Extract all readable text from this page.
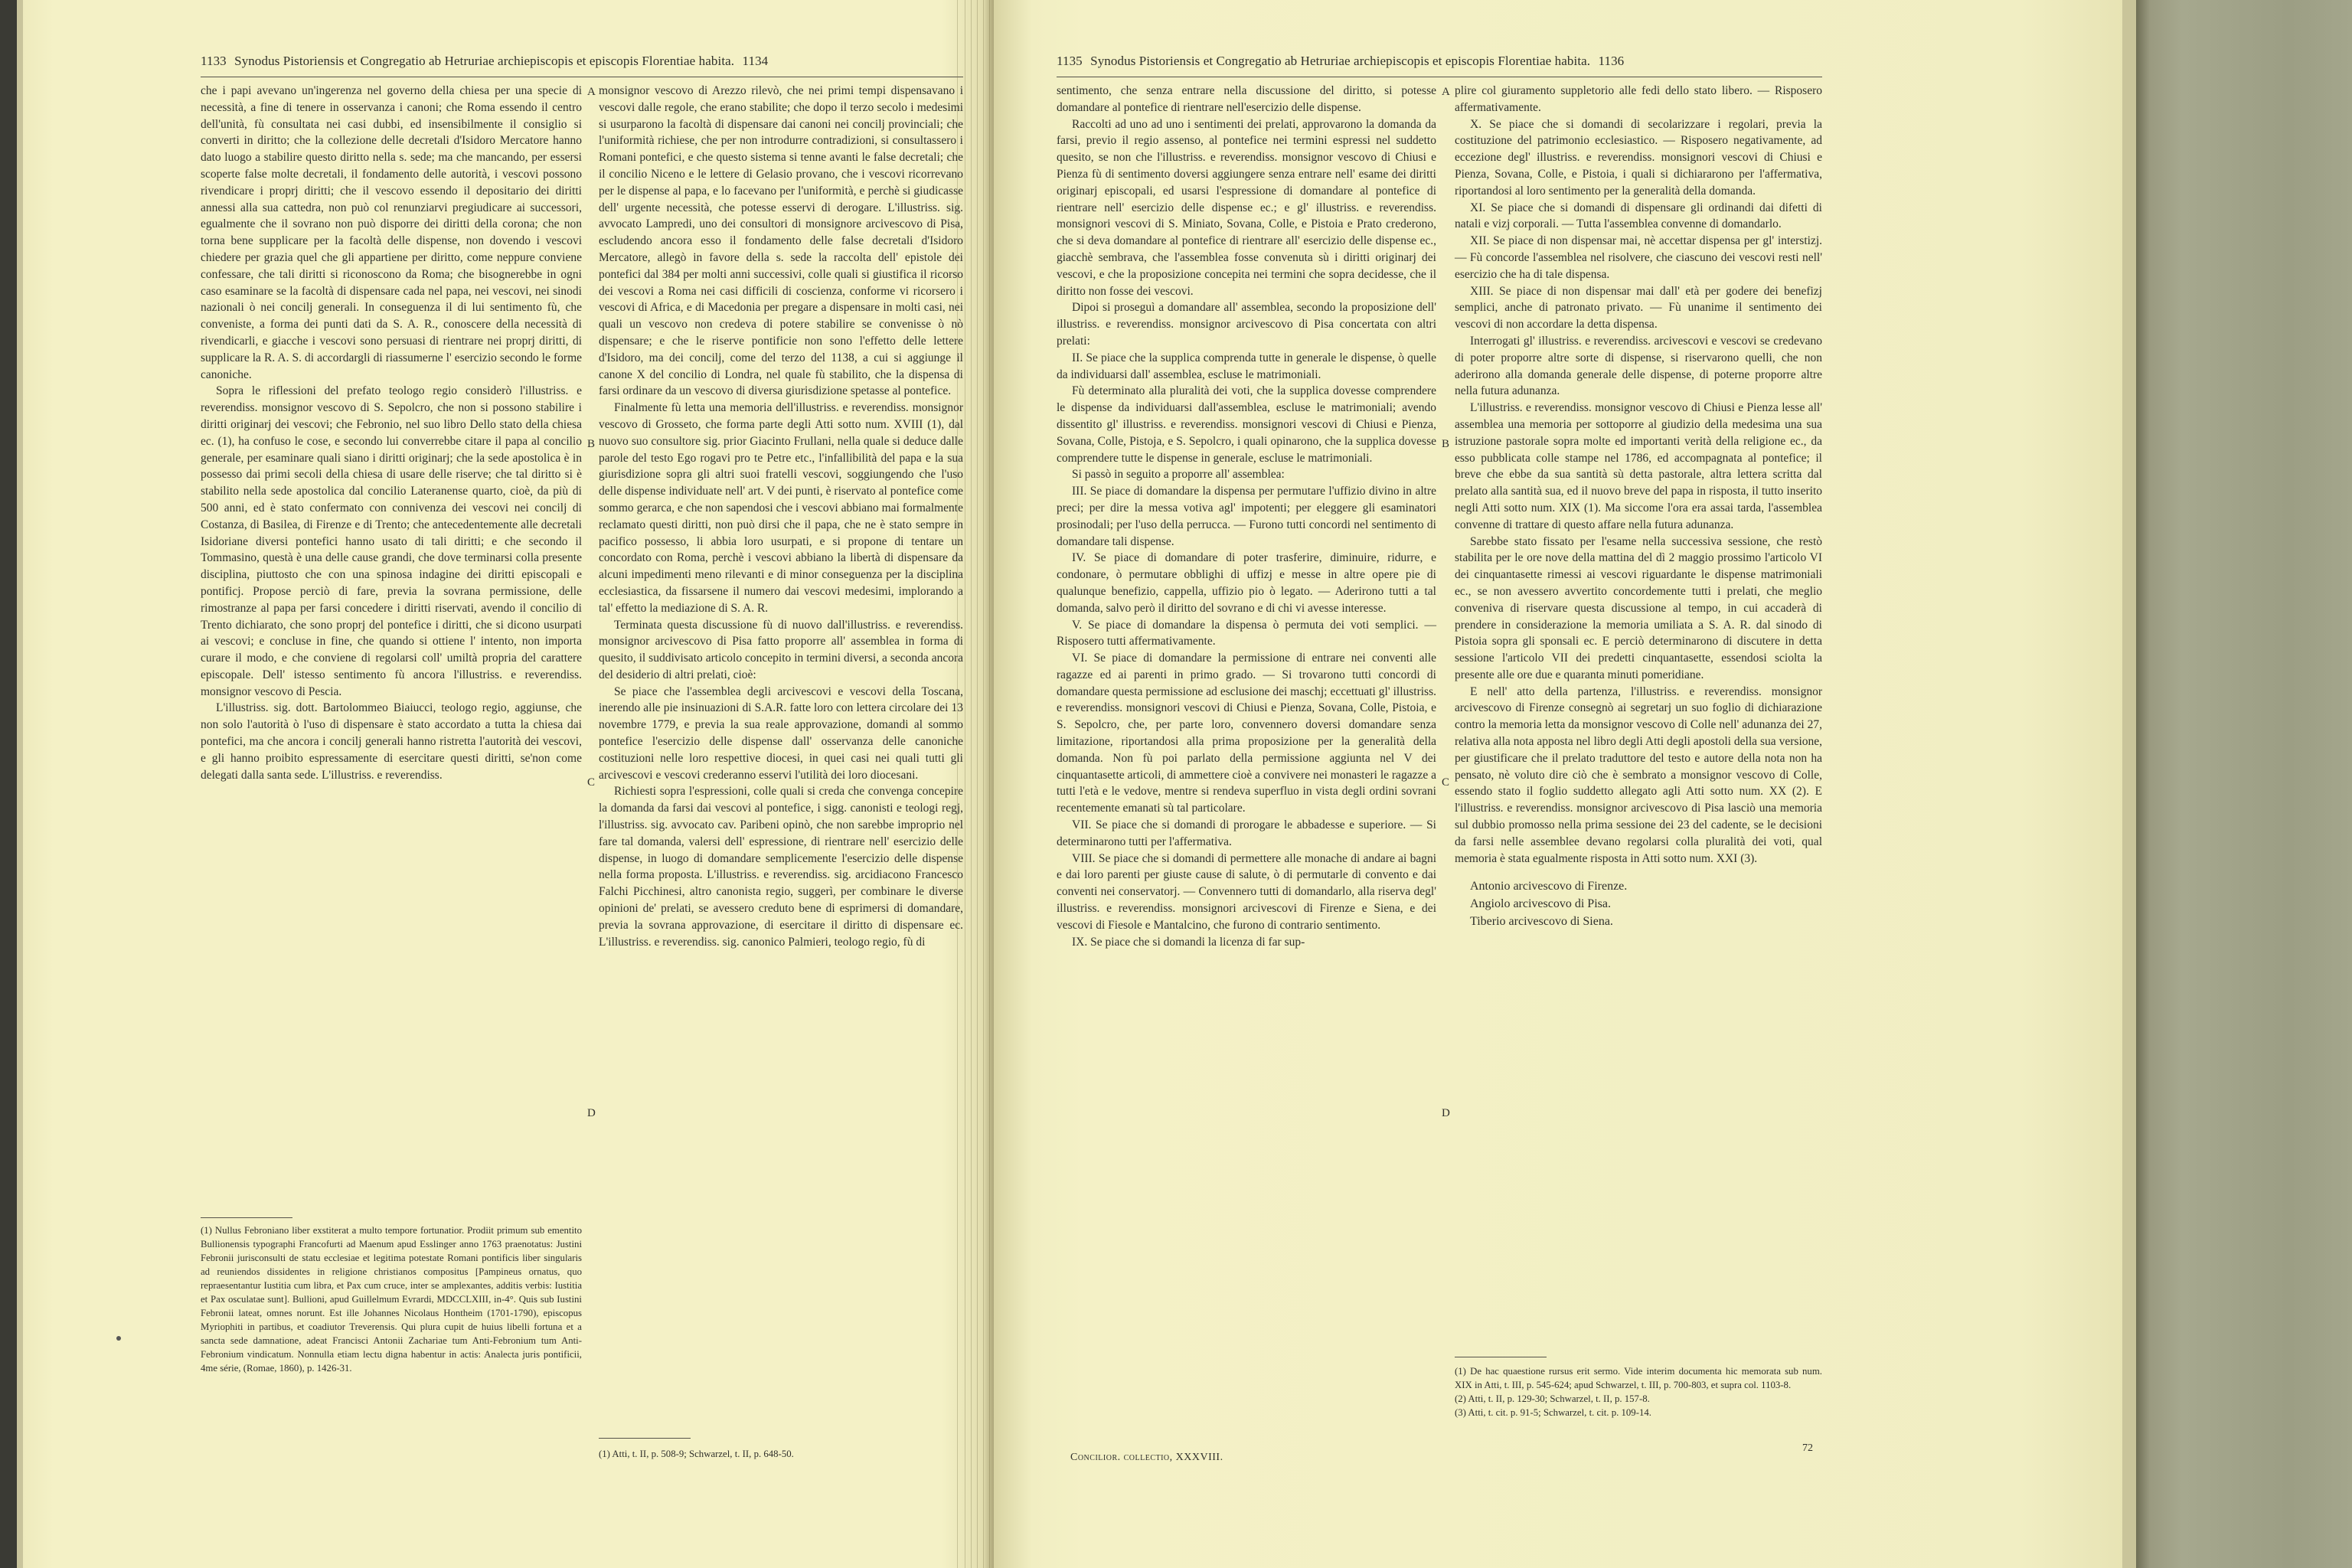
1133 Synodus Pistoriensis et Congregatio ab Hetruriae archiepiscopis et episcopis Florentiae habita. 1134

che i papi avevano un'ingerenza nel governo della chiesa per una specie di necessità, a fine di tenere in osservanza i canoni; che Roma essendo il centro dell'unità, fù consultata nei casi dubbi, ed insensibilmente il consiglio si converti in diritto; che la collezione delle decretali d'Isidoro Mercatore hanno dato luogo a stabilire questo diritto nella s. sede; ma che mancando, per essersi scoperte false molte decretali, il fondamento delle autorità, i vescovi possono rivendicare i proprj diritti; che il vescovo essendo il depositario dei diritti annessi alla sua cattedra, non può col renunziarvi pregiudicare ai successori, egualmente che il sovrano non può disporre dei diritti della corona; che non torna bene supplicare per la facoltà delle dispense, non dovendo i vescovi chiedere per grazia quel che gli appartiene per diritto, come neppure conviene confessare, che tali diritti si riconoscono da Roma; che bisognerebbe in ogni caso esaminare se la facoltà di dispensare cada nel papa, nei vescovi, nei sinodi nazionali ò nei concilj generali. In conseguenza il di lui sentimento fù, che conveniste, a forma dei punti dati da S. A. R., conoscere della necessità di rivendicarli, e giacche i vescovi sono persuasi di rientrare nei proprj diritti, di supplicare la R. A. S. di accordargli di riassumerne l' esercizio secondo le forme canoniche.

Sopra le riflessioni del prefato teologo regio considerò l'illustriss. e reverendiss. monsignor vescovo di S. Sepolcro, che non si possono stabilire i diritti originarj dei vescovi; che Febronio, nel suo libro Dello stato della chiesa ec. (1), ha confuso le cose, e secondo lui converrebbe citare il papa al concilio generale, per esaminare quali siano i diritti originarj; che la sede apostolica è in possesso dai primi secoli della chiesa di usare delle riserve; che tal diritto si è stabilito nella sede apostolica dal concilio Lateranense quarto, cioè, da più di 500 anni, ed è stato confermato con connivenza dei vescovi nei concilj di Costanza, di Basilea, di Firenze e di Trento; che antecedentemente alle decretali Isidoriane diversi pontefici hanno usato di tali diritti; e che secondo il Tommasino, questà è una delle cause grandi, che dove terminarsi colla presente disciplina, piuttosto che con una spinosa indagine dei diritti episcopali e pontificj. Propose perciò di fare, previa la sovrana permissione, delle rimostranze al papa per farsi concedere i diritti riservati, avendo il concilio di Trento dichiarato, che sono proprj del pontefice i diritti, che si dicono usurpati ai vescovi; e concluse in fine, che quando si ottiene l' intento, non importa curare il modo, e che conviene di regolarsi coll' umiltà propria del carattere episcopale. Dell' istesso sentimento fù ancora l'illustriss. e reverendiss. monsignor vescovo di Pescia.

L'illustriss. sig. dott. Bartolommeo Biaiucci, teologo regio, aggiunse, che non solo l'autorità ò l'uso di dispensare è stato accordato a tutta la chiesa dai pontefici, ma che ancora i concilj generali hanno ristretta l'autorità dei vescovi, e gli hanno proibito espressamente di esercitare questi diritti, se'non come delegati dalla santa sede. L'illustriss. e reverendiss.

(1) Nullus Febroniano liber exstiterat a multo tempore fortunatior. Prodiit primum sub ementito Bullionensis typographi Francofurti ad Maenum apud Esslinger anno 1763 praenotatus: Justini Febronii jurisconsulti de statu ecclesiae et legitima potestate Romani pontificis liber singularis ad reuniendos dissidentes in religione christianos compositus [Pampineus ornatus, quo repraesentantur Iustitia cum libra, et Pax cum cruce, inter se amplexantes, additis verbis: Iustitia et Pax osculatae sunt]. Bullioni, apud Guillelmum Evrardi, MDCCLXIII, in-4°. Quis sub Iustini Febronii lateat, omnes norunt. Est ille Johannes Nicolaus Hontheim (1701-1790), episcopus Myriophiti in partibus, et coadiutor Treverensis. Qui plura cupit de huius libelli fortuna et a sancta sede damnatione, adeat Francisci Antonii Zachariae tum Anti-Febronium tum Anti-Febronium vindicatum. Nonnulla etiam lectu digna habentur in actis: Analecta juris pontificii, 4me série, (Romae, 1860), p. 1426-31.

A
B
C
D

monsignor vescovo di Arezzo rilevò, che nei primi tempi dispensavano i vescovi dalle regole, che erano stabilite; che dopo il terzo secolo i medesimi si usurparono la facoltà di dispensare dai canoni nei concilj provinciali; che l'uniformità richiese, che per non introdurre contradizioni, si consultassero i Romani pontefici, e che questo sistema si tenne avanti le false decretali; che il concilio Niceno e le lettere di Gelasio provano, che i vescovi ricorrevano per le dispense al papa, e lo facevano per l'uniformità, e perchè si giudicasse dell' urgente necessità, che potesse esservi di derogare. L'illustriss. sig. avvocato Lampredi, uno dei consultori di monsignore arcivescovo di Pisa, escludendo ancora esso il fondamento delle false decretali d'Isidoro Mercatore, allegò in favore della s. sede la raccolta dell' epistole dei pontefici dal 384 per molti anni successivi, colle quali si giustifica il ricorso dei vescovi a Roma nei casi difficili di coscienza, conforme vi ricorsero i vescovi di Africa, e di Macedonia per pregare a dispensare in molti casi, nei quali un vescovo non credeva di potere stabilire se convenisse ò nò dispensare; e che le riserve pontificie non sono l'effetto delle lettere d'Isidoro, ma dei concilj, come del terzo del 1138, a cui si aggiunge il canone X del concilio di Londra, nel quale fù stabilito, che la dispensa di farsi ordinare da un vescovo di diversa giurisdizione spetasse al pontefice.

Finalmente fù letta una memoria dell'illustriss. e reverendiss. monsignor vescovo di Grosseto, che forma parte degli Atti sotto num. XVIII (1), dal nuovo suo consultore sig. prior Giacinto Frullani, nella quale si deduce dalle parole del testo Ego rogavi pro te Petre etc., l'infallibilità del papa e la sua giurisdizione sopra gli altri suoi fratelli vescovi, soggiungendo che l'uso delle dispense individuate nell' art. V dei punti, è riservato al pontefice come sommo gerarca, e che non sapendosi che i vescovi abbiano mai formalmente reclamato questi diritti, non può dirsi che il papa, che ne è stato sempre in pacifico possesso, li abbia loro usurpati, e si propone di tentare un concordato con Roma, perchè i vescovi abbiano la libertà di dispensare da alcuni impedimenti meno rilevanti e di minor conseguenza per la disciplina ecclesiastica, da fissarsene il numero dai vescovi medesimi, implorando a tal' effetto la mediazione di S. A. R.

Terminata questa discussione fù di nuovo dall'illustriss. e reverendiss. monsignor arcivescovo di Pisa fatto proporre all' assemblea in forma di quesito, il suddivisato articolo concepito in termini diversi, a seconda ancora del desiderio di altri prelati, cioè:

Se piace che l'assemblea degli arcivescovi e vescovi della Toscana, inerendo alle pie insinuazioni di S.A.R. fatte loro con lettera circolare dei 13 novembre 1779, e previa la sua reale approvazione, domandi al sommo pontefice l'esercizio delle dispense dall' osservanza delle canoniche costituzioni nelle loro respettive diocesi, in quei casi nei quali tutti gli arcivescovi e vescovi crederanno esservi l'utilità dei loro diocesani.

Richiesti sopra l'espressioni, colle quali si creda che convenga concepire la domanda da farsi dai vescovi al pontefice, i sigg. canonisti e teologi regj, l'illustriss. sig. avvocato cav. Paribeni opinò, che non sarebbe improprio nel fare tal domanda, valersi dell' espressione, di rientrare nell' esercizio delle dispense, in luogo di domandare semplicemente l'esercizio delle dispense nella forma proposta. L'illustriss. e reverendiss. sig. arcidiacono Francesco Falchi Picchinesi, altro canonista regio, suggerì, per combinare le diverse opinioni de' prelati, se avessero creduto bene di esprimersi di domandare, previa la sovrana approvazione, di esercitare il diritto di dispensare ec. L'illustriss. e reverendiss. sig. canonico Palmieri, teologo regio, fù di

(1) Atti, t. II, p. 508-9; Schwarzel, t. II, p. 648-50.

1135 Synodus Pistoriensis et Congregatio ab Hetruriae archiepiscopis et episcopis Florentiae habita. 1136

sentimento, che senza entrare nella discussione del diritto, si potesse domandare al pontefice di rientrare nell'esercizio delle dispense.

Raccolti ad uno ad uno i sentimenti dei prelati, approvarono la domanda da farsi, previo il regio assenso, al pontefice nei termini espressi nel suddetto quesito, se non che l'illustriss. e reverendiss. monsignor vescovo di Chiusi e Pienza fù di sentimento doversi aggiungere senza entrare nell' esame dei diritti originarj episcopali, ed usarsi l'espressione di domandare al pontefice di rientrare nell' esercizio delle dispense ec.; e gl' illustriss. e reverendiss. monsignori vescovi di S. Miniato, Sovana, Colle, e Pistoia e Prato crederono, che si deva domandare al pontefice di rientrare all' esercizio delle dispense ec., giacchè sembrava, che l'assemblea fosse convenuta sù i diritti originarj dei vescovi, e che la proposizione concepita nei termini che sopra decidesse, che il diritto non fosse dei vescovi.

Dipoi si proseguì a domandare all' assemblea, secondo la proposizione dell' illustriss. e reverendiss. monsignor arcivescovo di Pisa concertata con altri prelati:

II. Se piace che la supplica comprenda tutte in generale le dispense, ò quelle da individuarsi dall' assemblea, escluse le matrimoniali.

Fù determinato alla pluralità dei voti, che la supplica dovesse comprendere le dispense da individuarsi dall'assemblea, escluse le matrimoniali; avendo dissentito gl' illustriss. e reverendiss. monsignori vescovi di Chiusi e Pienza, Sovana, Colle, Pistoja, e S. Sepolcro, i quali opinarono, che la supplica dovesse comprendere tutte le dispense in generale, escluse le matrimoniali.

Si passò in seguito a proporre all' assemblea:

III. Se piace di domandare la dispensa per permutare l'uffizio divino in altre preci; per dire la messa votiva agl' impotenti; per eleggere gli esaminatori prosinodali; per l'uso della perrucca. — Furono tutti concordi nel sentimento di domandare tali dispense.

IV. Se piace di domandare di poter trasferire, diminuire, ridurre, e condonare, ò permutare obblighi di uffizj e messe in altre opere pie di qualunque benefizio, cappella, uffizio pio ò legato. — Aderirono tutti a tal domanda, salvo però il diritto del sovrano e di chi vi avesse interesse.

V. Se piace di domandare la dispensa ò permuta dei voti semplici. — Risposero tutti affermativamente.

VI. Se piace di domandare la permissione di entrare nei conventi alle ragazze ed ai parenti in primo grado. — Si trovarono tutti concordi di domandare questa permissione ad esclusione dei maschj; eccettuati gl' illustriss. e reverendiss. monsignori vescovi di Chiusi e Pienza, Sovana, Colle, Pistoia, e S. Sepolcro, che, per parte loro, convennero doversi domandare senza limitazione, riportandosi alla prima proposizione per la generalità della domanda. Non fù poi parlato della permissione aggiunta nel V dei cinquantasette articoli, di ammettere cioè a convivere nei monasteri le ragazze a tutti l'età e le vedove, mentre si rendeva superfluo in vista degli ordini sovrani recentemente emanati sù tal particolare.

VII. Se piace che si domandi di prorogare le abbadesse e superiore. — Si determinarono tutti per l'affermativa.

VIII. Se piace che si domandi di permettere alle monache di andare ai bagni e dai loro parenti per giuste cause di salute, ò di permutarle di convento e dai conventi nei conservatorj. — Convennero tutti di domandarlo, alla riserva degl' illustriss. e reverendiss. monsignori arcivescovi di Firenze e Siena, e dei vescovi di Fiesole e Mantalcino, che furono di contrario sentimento.

IX. Se piace che si domandi la licenza di far sup-

Concilior. collectio, XXXVIII.
A
B
C
D

plire col giuramento suppletorio alle fedi dello stato libero. — Risposero affermativamente.

X. Se piace che si domandi di secolarizzare i regolari, previa la costituzione del patrimonio ecclesiastico. — Risposero negativamente, ad eccezione degl' illustriss. e reverendiss. monsignori vescovi di Chiusi e Pienza, Sovana, Colle, e Pistoia, i quali si dichiararono per l'affermativa, riportandosi al loro sentimento per la generalità della domanda.

XI. Se piace che si domandi di dispensare gli ordinandi dai difetti di natali e vizj corporali. — Tutta l'assemblea convenne di domandarlo.

XII. Se piace di non dispensar mai, nè accettar dispensa per gl' interstizj. — Fù concorde l'assemblea nel risolvere, che ciascuno dei vescovi resti nell' esercizio che ha di tale dispensa.

XIII. Se piace di non dispensar mai dall' età per godere dei benefizj semplici, anche di patronato privato. — Fù unanime il sentimento dei vescovi di non accordare la detta dispensa.

Interrogati gl' illustriss. e reverendiss. arcivescovi e vescovi se credevano di poter proporre altre sorte di dispense, si riservarono quelli, che non aderirono alla domanda generale delle dispense, di poterne proporre altre nella futura adunanza.

L'illustriss. e reverendiss. monsignor vescovo di Chiusi e Pienza lesse all' assemblea una memoria per sottoporre al giudizio della medesima una sua istruzione pastorale sopra molte ed importanti verità della religione ec., da esso pubblicata colle stampe nel 1786, ed accompagnata al pontefice; il breve che ebbe da sua santità sù detta pastorale, altra lettera scritta dal prelato alla santità sua, ed il nuovo breve del papa in risposta, il tutto inserito negli Atti sotto num. XIX (1). Ma siccome l'ora era assai tarda, l'assemblea convenne di trattare di questo affare nella futura adunanza.

Sarebbe stato fissato per l'esame nella successiva sessione, che restò stabilita per le ore nove della mattina del dì 2 maggio prossimo l'articolo VI dei cinquantasette rimessi ai vescovi riguardante le dispense matrimoniali ec., se non avessero avvertito concordemente tutti i prelati, che meglio conveniva di riservare questa discussione al tempo, in cui accaderà di prendere in considerazione la memoria umiliata a S. A. R. dal sinodo di Pistoia sopra gli sponsali ec. E perciò determinarono di discutere in detta sessione l'articolo VII dei predetti cinquantasette, essendosi sciolta la presente alle ore due e quaranta minuti pomeridiane.

E nell' atto della partenza, l'illustriss. e reverendiss. monsignor arcivescovo di Firenze consegnò ai segretarj un suo foglio di dichiarazione contro la memoria letta da monsignor vescovo di Colle nell' adunanza dei 27, relativa alla nota apposta nel libro degli Atti degli apostoli della sua versione, per giustificare che il prelato traduttore del testo e autore della nota non ha pensato, nè voluto dire ciò che è sembrato a monsignor vescovo di Colle, essendo stato il foglio suddetto allegato agli Atti sotto num. XX (2). E l'illustriss. e reverendiss. monsignor arcivescovo di Pisa lasciò una memoria sul dubbio promosso nella prima sessione dei 23 del cadente, se le decisioni da farsi nelle assemblee devano regolarsi colla pluralità dei voti, qual memoria è stata egualmente risposta in Atti sotto num. XXI (3).

Antonio arcivescovo di Firenze.

Angiolo arcivescovo di Pisa.

Tiberio arcivescovo di Siena.

(1) De hac quaestione rursus erit sermo. Vide interim documenta hic memorata sub num. XIX in Atti, t. III, p. 545-624; apud Schwarzel, t. III, p. 700-803, et supra col. 1103-8.

(2) Atti, t. II, p. 129-30; Schwarzel, t. II, p. 157-8.

(3) Atti, t. cit. p. 91-5; Schwarzel, t. cit. p. 109-14.

72
